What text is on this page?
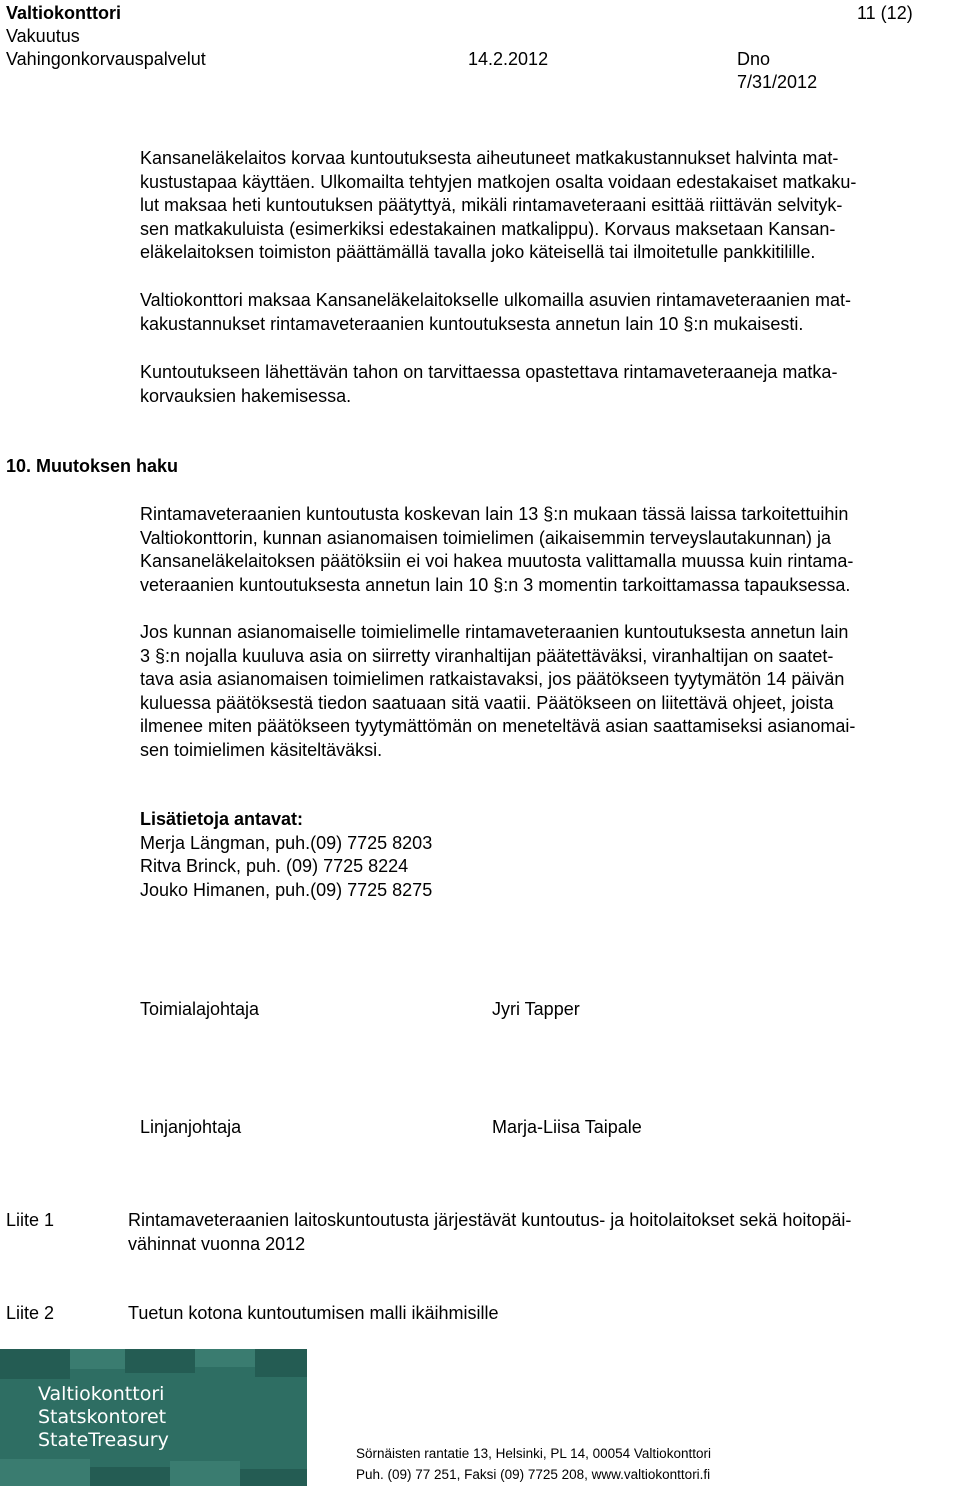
Valtiokonttori	11 (12)
Vakuutus
Vahingonkorvauspalvelut	14.2.2012	Dno
7/31/2012
Kansaneläkelaitos korvaa kuntoutuksesta aiheutuneet matkakustannukset halvinta mat-
kustustapaa käyttäen. Ulkomailta tehtyjen matkojen osalta voidaan edestakaiset matkaku-
lut maksaa heti kuntoutuksen päätyttyä, mikäli rintamaveteraani esittää riittävän selvityk-
sen matkakuluista (esimerkiksi edestakainen matkalippu). Korvaus maksetaan Kansan-
eläkelaitoksen toimiston päättämällä tavalla joko käteisellä tai ilmoitetulle pankkitilille.
Valtiokonttori maksaa Kansaneläkelaitokselle ulkomailla asuvien rintamaveteraanien mat-
kakustannukset rintamaveteraanien kuntoutuksesta annetun lain 10 §:n mukaisesti.
Kuntoutukseen lähettävän tahon on tarvittaessa opastettava rintamaveteraaneja matka-
korvauksien hakemisessa.
10. Muutoksen haku
Rintamaveteraanien kuntoutusta koskevan lain 13 §:n mukaan tässä laissa tarkoitettuihin
Valtiokonttorin, kunnan asianomaisen toimielimen (aikaisemmin terveyslautakunnan) ja
Kansaneläkelaitoksen päätöksiin ei voi hakea muutosta valittamalla muussa kuin rintama-
veteraanien kuntoutuksesta annetun lain 10 §:n 3 momentin tarkoittamassa tapauksessa.
Jos kunnan asianomaiselle toimielimelle rintamaveteraanien kuntoutuksesta annetun lain
3 §:n nojalla kuuluva asia on siirretty viranhaltijan päätettäväksi, viranhaltijan on saatet-
tava asia asianomaisen toimielimen ratkaistavaksi, jos päätökseen tyytymätön 14 päivän
kuluessa päätöksestä tiedon saatuaan sitä vaatii. Päätökseen on liitettävä ohjeet, joista
ilmenee miten päätökseen tyytymättömän on meneteltävä asian saattamiseksi asianomai-
sen toimielimen käsiteltäväksi.
Lisätietoja antavat:
Merja Längman, puh.(09) 7725 8203
Ritva Brinck, puh. (09) 7725 8224
Jouko Himanen, puh.(09) 7725 8275
Toimialajohtaja	Jyri Tapper
Linjanjohtaja	Marja-Liisa Taipale
Liite 1	Rintamaveteraanien laitoskuntoutusta järjestävät kuntoutus- ja hoitolaitokset sekä hoitopäi-
vähinnat vuonna 2012
Liite 2	Tuetun kotona kuntoutumisen malli ikäihmisille
Valtiokonttori
Statskontoret
StateTreasury
Sörnäisten rantatie 13, Helsinki, PL 14, 00054 Valtiokonttori
Puh. (09) 77 251, Faksi (09) 7725 208, www.valtiokonttori.fi
